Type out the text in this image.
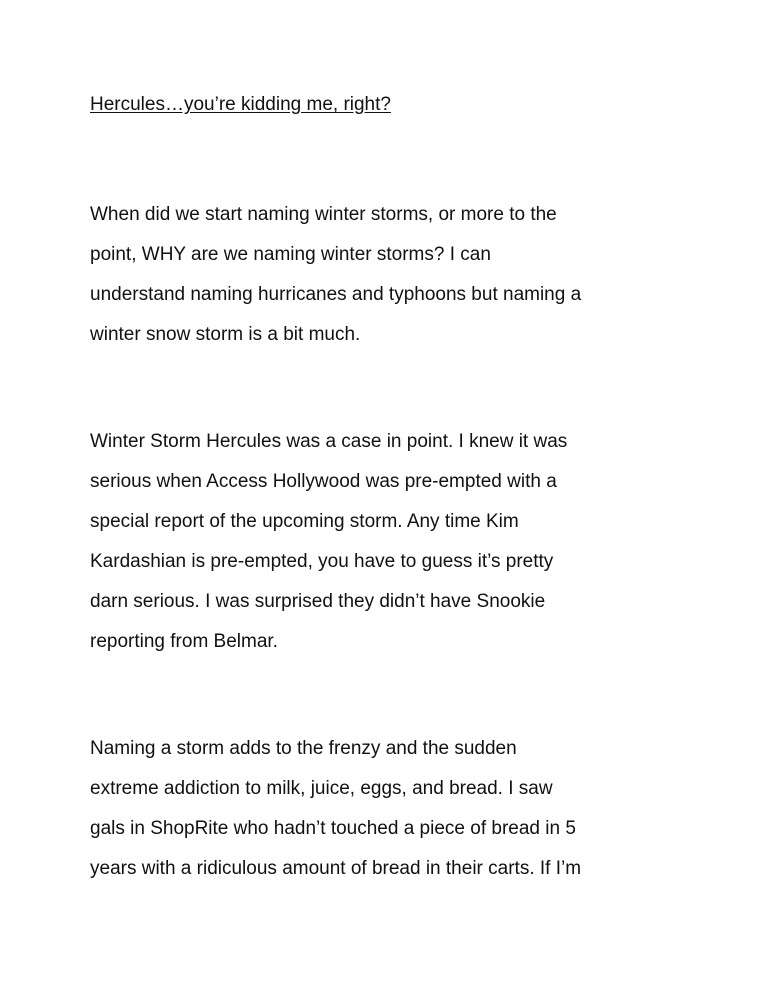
Hercules…you’re kidding me, right?
When did we start naming winter storms, or more to the
point, WHY are we naming winter storms? I can
understand naming hurricanes and typhoons but naming a
winter snow storm is a bit much.
Winter Storm Hercules was a case in point. I knew it was
serious when Access Hollywood was pre-empted with a
special report of the upcoming storm. Any time Kim
Kardashian is pre-empted, you have to guess it’s pretty
darn serious. I was surprised they didn’t have Snookie
reporting from Belmar.
Naming a storm adds to the frenzy and the sudden
extreme addiction to milk, juice, eggs, and bread. I saw
gals in ShopRite who hadn’t touched a piece of bread in 5
years with a ridiculous amount of bread in their carts. If I’m
